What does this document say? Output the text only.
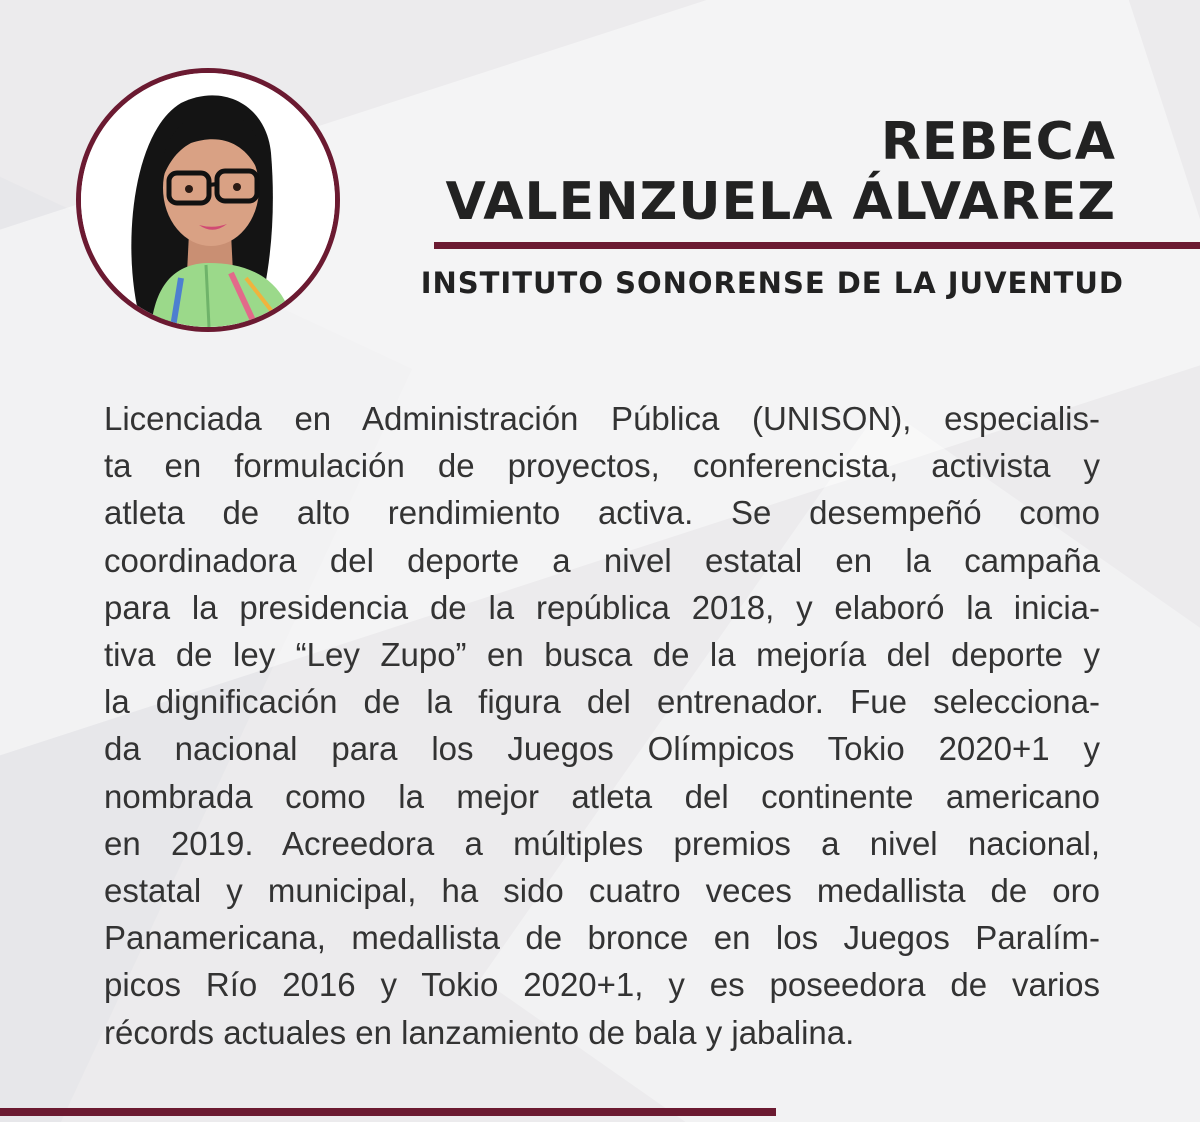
REBECA
VALENZUELA ÁLVAREZ
INSTITUTO SONORENSE DE LA JUVENTUD

Licenciada en Administración Pública (UNISON), especialis-
ta en formulación de proyectos, conferencista, activista y
atleta de alto rendimiento activa. Se desempeñó como
coordinadora del deporte a nivel estatal en la campaña
para la presidencia de la república 2018, y elaboró la inicia-
tiva de ley “Ley Zupo” en busca de la mejoría del deporte y
la dignificación de la figura del entrenador. Fue selecciona-
da nacional para los Juegos Olímpicos Tokio 2020+1 y
nombrada como la mejor atleta del continente americano
en 2019. Acreedora a múltiples premios a nivel nacional,
estatal y municipal, ha sido cuatro veces medallista de oro
Panamericana, medallista de bronce en los Juegos Paralím-
picos Río 2016 y Tokio 2020+1, y es poseedora de varios
récords actuales en lanzamiento de bala y jabalina.
